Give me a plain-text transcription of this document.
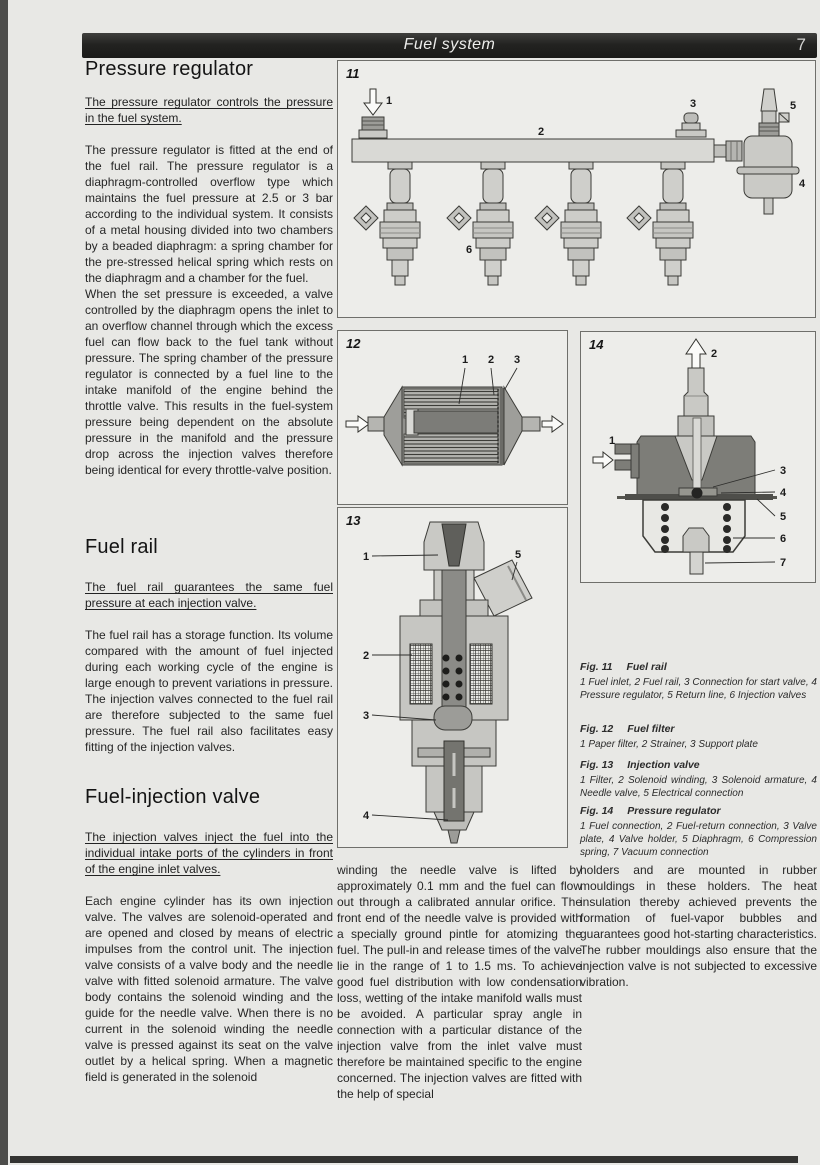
Fuel system	7
Pressure regulator

The pressure regulator controls the pressure in the fuel system.

The pressure regulator is fitted at the end of the fuel rail. The pressure regulator is a diaphragm-controlled overflow type which maintains the fuel pressure at 2.5 or 3 bar according to the individual system. It consists of a metal housing divided into two chambers by a beaded diaphragm: a spring chamber for the pre-stressed helical spring which rests on the diaphragm and a chamber for the fuel.

When the set pressure is exceeded, a valve controlled by the diaphragm opens the inlet to an overflow channel through which the excess fuel can flow back to the fuel tank without pressure. The spring chamber of the pressure regulator is connected by a fuel line to the intake manifold of the engine behind the throttle valve. This results in the fuel-system pressure being dependent on the absolute pressure in the manifold and the pressure drop across the injection valves therefore being identical for every throttle-valve position.

Fuel rail

The fuel rail guarantees the same fuel pressure at each injection valve.

The fuel rail has a storage function. Its volume compared with the amount of fuel injected during each working cycle of the engine is large enough to prevent variations in pressure. The injection valves connected to the fuel rail are therefore subjected to the same fuel pressure. The fuel rail also facilitates easy fitting of the injection valves.

Fuel-injection valve

The injection valves inject the fuel into the individual intake ports of the cylinders in front of the engine inlet valves.

Each engine cylinder has its own injection valve. The valves are solenoid-operated and are opened and closed by means of electric impulses from the control unit. The injection valve consists of a valve body and the needle valve with fitted solenoid armature. The valve body contains the solenoid winding and the guide for the needle valve. When there is no current in the solenoid winding the needle valve is pressed against its seat on the valve outlet by a helical spring. When a magnetic field is generated in the solenoid

winding the needle valve is lifted by approximately 0.1 mm and the fuel can flow out through a calibrated annular orifice. The front end of the needle valve is provided with a specially ground pintle for atomizing the fuel. The pull-in and release times of the valve lie in the range of 1 to 1.5 ms. To achieve good fuel distribution with low condensation loss, wetting of the intake manifold walls must be avoided. A particular spray angle in connection with a particular distance of the injection valve from the inlet valve must therefore be maintained specific to the engine concerned. The injection valves are fitted with the help of special

holders and are mounted in rubber mouldings in these holders. The heat insulation thereby achieved prevents the formation of fuel-vapor bubbles and guarantees good hot-starting characteristics. The rubber mouldings also ensure that the injection valve is not subjected to excessive vibration.

11
1
2
3
4
5
6
12
1 2 3
13
1
2
3
4
5
14
2
1
3
4
5
6
7
Fig. 11 Fuel rail
1 Fuel inlet, 2 Fuel rail, 3 Connection for start valve, 4 Pressure regulator, 5 Return line, 6 Injection valves
Fig. 12 Fuel filter
1 Paper filter, 2 Strainer, 3 Support plate
Fig. 13 Injection valve
1 Filter, 2 Solenoid winding, 3 Solenoid armature, 4 Needle valve, 5 Electrical connection
Fig. 14 Pressure regulator
1 Fuel connection, 2 Fuel-return connection, 3 Valve plate, 4 Valve holder, 5 Diaphragm, 6 Compression spring, 7 Vacuum connection
